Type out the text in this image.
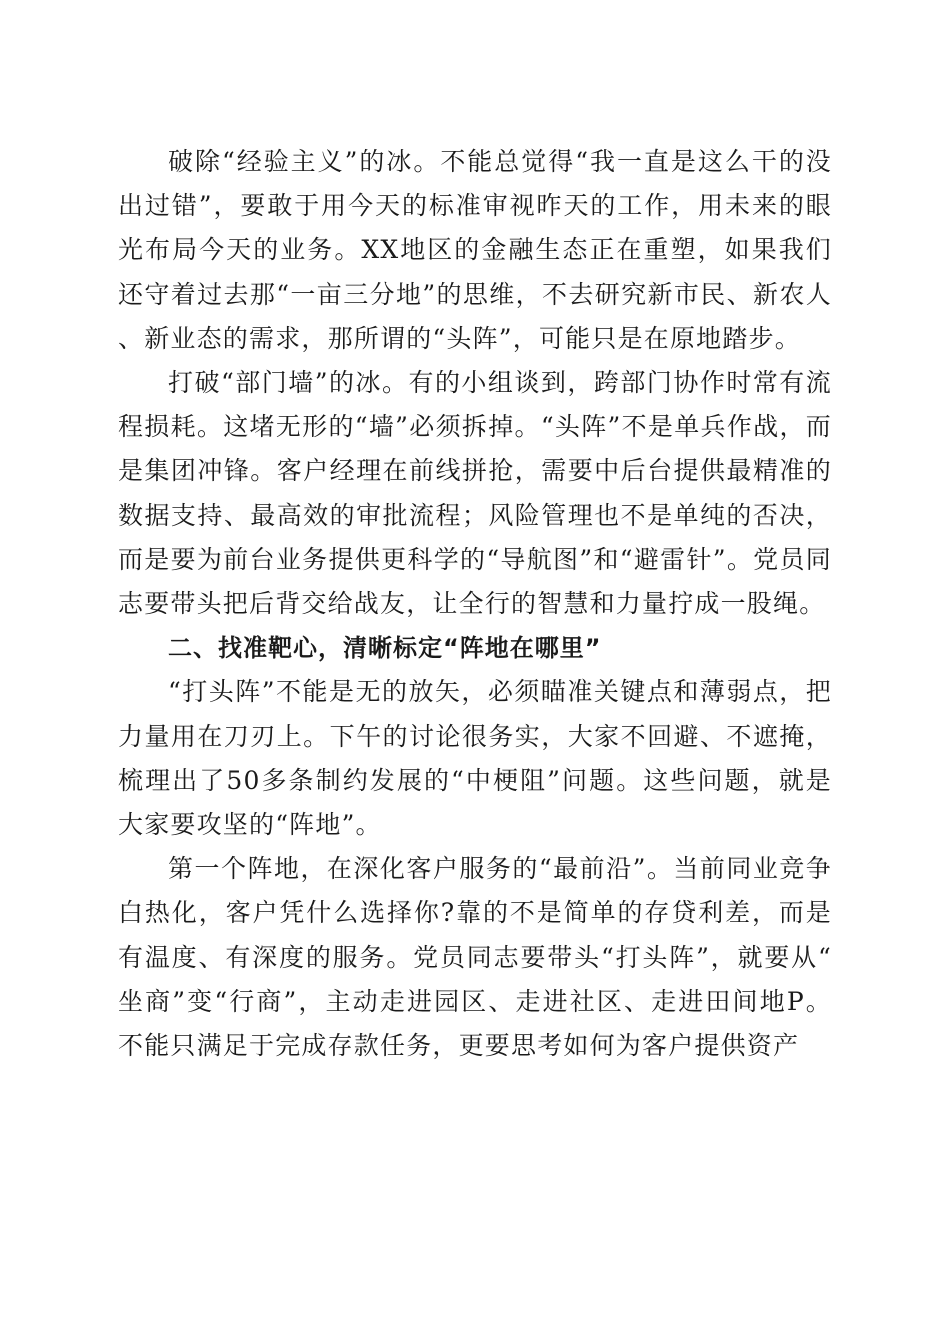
破除“经验主义”的冰。不能总觉得“我一直是这么干的没出过错”，要敢于用今天的标准审视昨天的工作，用未来的眼光布局今天的业务。XX地区的金融生态正在重塑，如果我们还守着过去那“一亩三分地”的思维，不去研究新市民、新农人、新业态的需求，那所谓的“头阵”，可能只是在原地踏步。

打破“部门墙”的冰。有的小组谈到，跨部门协作时常有流程损耗。这堵无形的“墙”必须拆掉。“头阵”不是单兵作战，而是集团冲锋。客户经理在前线拼抢，需要中后台提供最精准的数据支持、最高效的审批流程；风险管理也不是单纯的否决，而是要为前台业务提供更科学的“导航图”和“避雷针”。党员同志要带头把后背交给战友，让全行的智慧和力量拧成一股绳。

二、找准靶心，清晰标定“阵地在哪里”

“打头阵”不能是无的放矢，必须瞄准关键点和薄弱点，把力量用在刀刃上。下午的讨论很务实，大家不回避、不遮掩，梳理出了50多条制约发展的“中梗阻”问题。这些问题，就是大家要攻坚的“阵地”。

第一个阵地，在深化客户服务的“最前沿”。当前同业竞争白热化，客户凭什么选择你?靠的不是简单的存贷利差，而是有温度、有深度的服务。党员同志要带头“打头阵”，就要从“坐商”变“行商”，主动走进园区、走进社区、走进田间地P。不能只满足于完成存款任务，更要思考如何为客户提供资产
